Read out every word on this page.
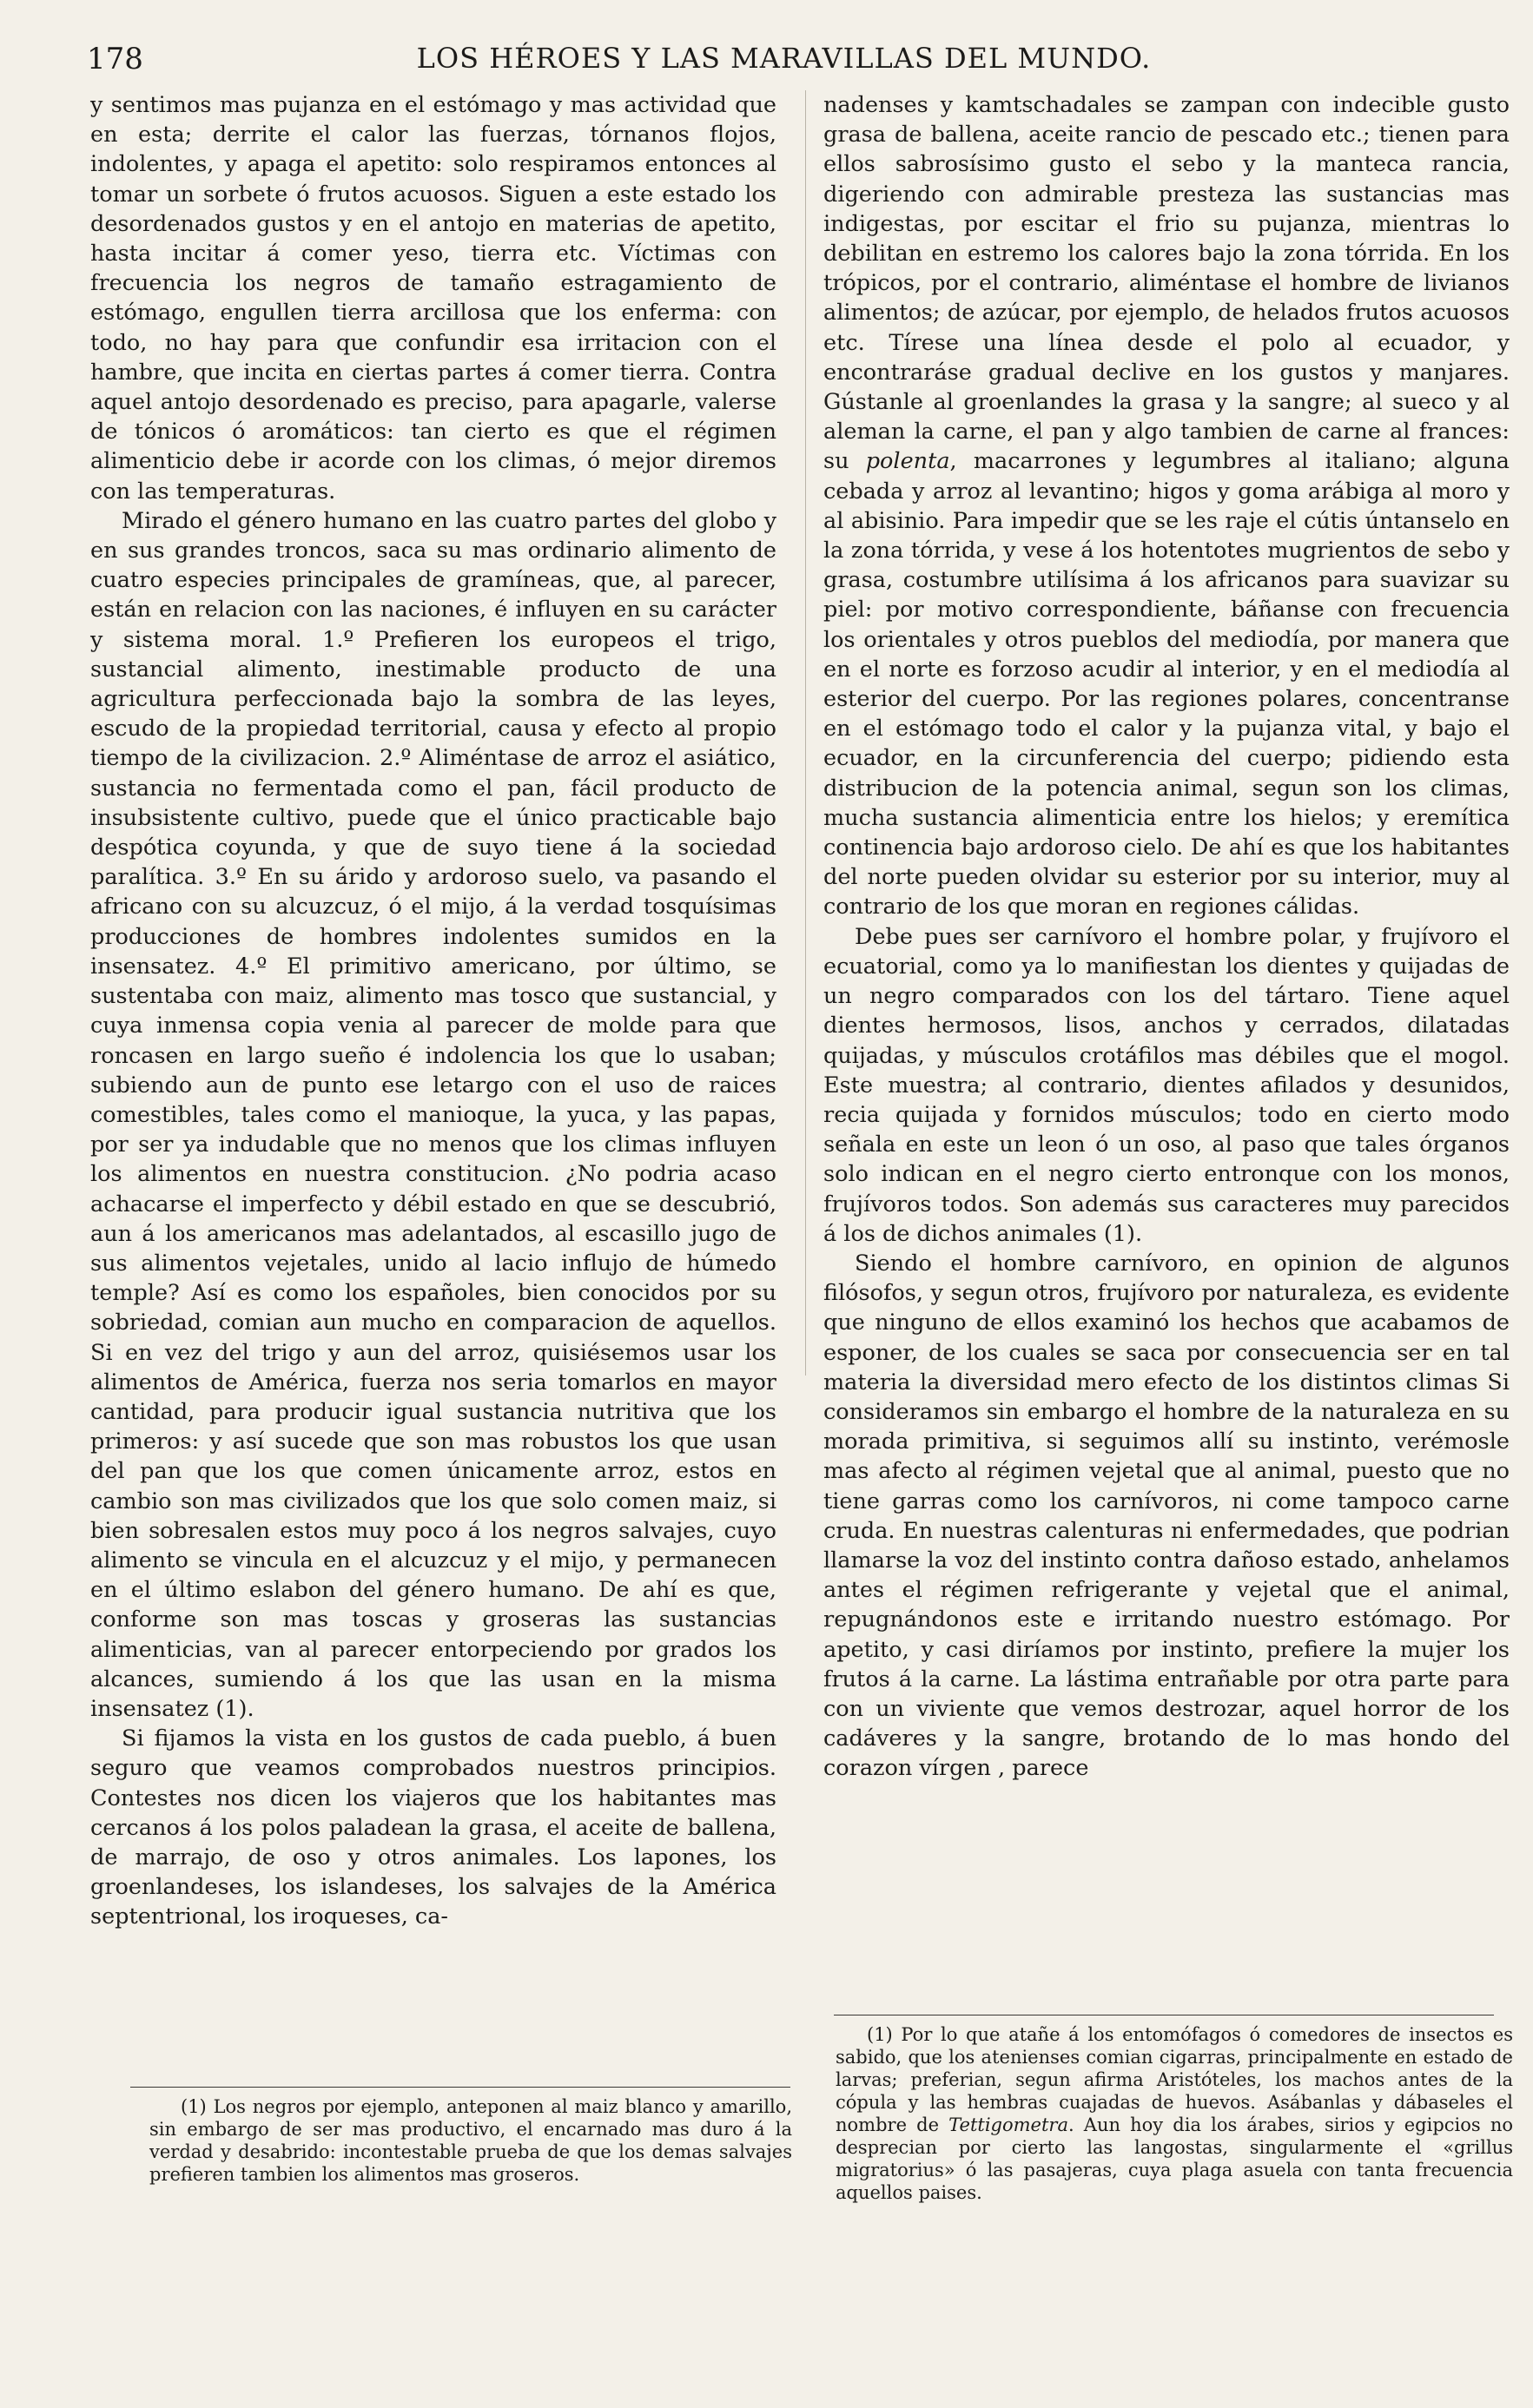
178	LOS HÉROES Y LAS MARAVILLAS DEL MUNDO.

y sentimos mas pujanza en el estómago y mas actividad que en esta; derrite el calor las fuerzas, tórnanos flojos, indolentes, y apaga el apetito: solo respiramos entonces al tomar un sorbete ó frutos acuosos. Siguen a este estado los desordenados gustos y en el antojo en materias de apetito, hasta incitar á comer yeso, tierra etc. Víctimas con frecuencia los negros de tamaño estragamiento de estómago, engullen tierra arcillosa que los enferma: con todo, no hay para que confundir esa irritacion con el hambre, que incita en ciertas partes á comer tierra. Contra aquel antojo desordenado es preciso, para apagarle, valerse de tónicos ó aromáticos: tan cierto es que el régimen alimenticio debe ir acorde con los climas, ó mejor diremos con las temperaturas.

Mirado el género humano en las cuatro partes del globo y en sus grandes troncos, saca su mas ordinario alimento de cuatro especies principales de gramíneas, que, al parecer, están en relacion con las naciones, é influyen en su carácter y sistema moral. 1.º Prefieren los europeos el trigo, sustancial alimento, inestimable producto de una agricultura perfeccionada bajo la sombra de las leyes, escudo de la propiedad territorial, causa y efecto al propio tiempo de la civilizacion. 2.º Aliméntase de arroz el asiático, sustancia no fermentada como el pan, fácil producto de insubsistente cultivo, puede que el único practicable bajo despótica coyunda, y que de suyo tiene á la sociedad paralítica. 3.º En su árido y ardoroso suelo, va pasando el africano con su alcuzcuz, ó el mijo, á la verdad tosquísimas producciones de hombres indolentes sumidos en la insensatez. 4.º El primitivo americano, por último, se sustentaba con maiz, alimento mas tosco que sustancial, y cuya inmensa copia venia al parecer de molde para que roncasen en largo sueño é indolencia los que lo usaban; subiendo aun de punto ese letargo con el uso de raices comestibles, tales como el manioque, la yuca, y las papas, por ser ya indudable que no menos que los climas influyen los alimentos en nuestra constitucion. ¿No podria acaso achacarse el imperfecto y débil estado en que se descubrió, aun á los americanos mas adelantados, al escasillo jugo de sus alimentos vejetales, unido al lacio influjo de húmedo temple? Así es como los españoles, bien conocidos por su sobriedad, comian aun mucho en comparacion de aquellos. Si en vez del trigo y aun del arroz, quisiésemos usar los alimentos de América, fuerza nos seria tomarlos en mayor cantidad, para producir igual sustancia nutritiva que los primeros: y así sucede que son mas robustos los que usan del pan que los que comen únicamente arroz, estos en cambio son mas civilizados que los que solo comen maiz, si bien sobresalen estos muy poco á los negros salvajes, cuyo alimento se vincula en el alcuzcuz y el mijo, y permanecen en el último eslabon del género humano. De ahí es que, conforme son mas toscas y groseras las sustancias alimenticias, van al parecer entorpeciendo por grados los alcances, sumiendo á los que las usan en la misma insensatez (1).

Si fijamos la vista en los gustos de cada pueblo, á buen seguro que veamos comprobados nuestros principios. Contestes nos dicen los viajeros que los habitantes mas cercanos á los polos paladean la grasa, el aceite de ballena, de marrajo, de oso y otros animales. Los lapones, los groenlandeses, los islandeses, los salvajes de la América septentrional, los iroqueses, ca-

nadenses y kamtschadales se zampan con indecible gusto grasa de ballena, aceite rancio de pescado etc.; tienen para ellos sabrosísimo gusto el sebo y la manteca rancia, digeriendo con admirable presteza las sustancias mas indigestas, por escitar el frio su pujanza, mientras lo debilitan en estremo los calores bajo la zona tórrida. En los trópicos, por el contrario, aliméntase el hombre de livianos alimentos; de azúcar, por ejemplo, de helados frutos acuosos etc. Tírese una línea desde el polo al ecuador, y encontraráse gradual declive en los gustos y manjares. Gústanle al groenlandes la grasa y la sangre; al sueco y al aleman la carne, el pan y algo tambien de carne al frances: su polenta, macarrones y legumbres al italiano; alguna cebada y arroz al levantino; higos y goma arábiga al moro y al abisinio. Para impedir que se les raje el cútis úntanselo en la zona tórrida, y vese á los hotentotes mugrientos de sebo y grasa, costumbre utilísima á los africanos para suavizar su piel: por motivo correspondiente, báñanse con frecuencia los orientales y otros pueblos del mediodía, por manera que en el norte es forzoso acudir al interior, y en el mediodía al esterior del cuerpo. Por las regiones polares, concentranse en el estómago todo el calor y la pujanza vital, y bajo el ecuador, en la circunferencia del cuerpo; pidiendo esta distribucion de la potencia animal, segun son los climas, mucha sustancia alimenticia entre los hielos; y eremítica continencia bajo ardoroso cielo. De ahí es que los habitantes del norte pueden olvidar su esterior por su interior, muy al contrario de los que moran en regiones cálidas.

Debe pues ser carnívoro el hombre polar, y frujívoro el ecuatorial, como ya lo manifiestan los dientes y quijadas de un negro comparados con los del tártaro. Tiene aquel dientes hermosos, lisos, anchos y cerrados, dilatadas quijadas, y músculos crotáfilos mas débiles que el mogol. Este muestra; al contrario, dientes afilados y desunidos, recia quijada y fornidos músculos; todo en cierto modo señala en este un leon ó un oso, al paso que tales órganos solo indican en el negro cierto entronque con los monos, frujívoros todos. Son además sus caracteres muy parecidos á los de dichos animales (1).

Siendo el hombre carnívoro, en opinion de algunos filósofos, y segun otros, frujívoro por naturaleza, es evidente que ninguno de ellos examinó los hechos que acabamos de esponer, de los cuales se saca por consecuencia ser en tal materia la diversidad mero efecto de los distintos climas Si consideramos sin embargo el hombre de la naturaleza en su morada primitiva, si seguimos allí su instinto, verémosle mas afecto al régimen vejetal que al animal, puesto que no tiene garras como los carnívoros, ni come tampoco carne cruda. En nuestras calenturas ni enfermedades, que podrian llamarse la voz del instinto contra dañoso estado, anhelamos antes el régimen refrigerante y vejetal que el animal, repugnándonos este e irritando nuestro estómago. Por apetito, y casi diríamos por instinto, prefiere la mujer los frutos á la carne. La lástima entrañable por otra parte para con un viviente que vemos destrozar, aquel horror de los cadáveres y la sangre, brotando de lo mas hondo del corazon vírgen , parece

(1) Por lo que atañe á los entomófagos ó comedores de insectos es sabido, que los atenienses comian cigarras, principalmente en estado de larvas; preferian, segun afirma Aristóteles, los machos antes de la cópula y las hembras cuajadas de huevos. Asábanlas y dábaseles el nombre de Tettigometra. Aun hoy dia los árabes, sirios y egipcios no desprecian por cierto las langostas, singularmente el «grillus migratorius» ó las pasajeras, cuya plaga asuela con tanta frecuencia aquellos paises.

(1) Los negros por ejemplo, anteponen al maiz blanco y amarillo, sin embargo de ser mas productivo, el encarnado mas duro á la verdad y desabrido: incontestable prueba de que los demas salvajes prefieren tambien los alimentos mas groseros.
